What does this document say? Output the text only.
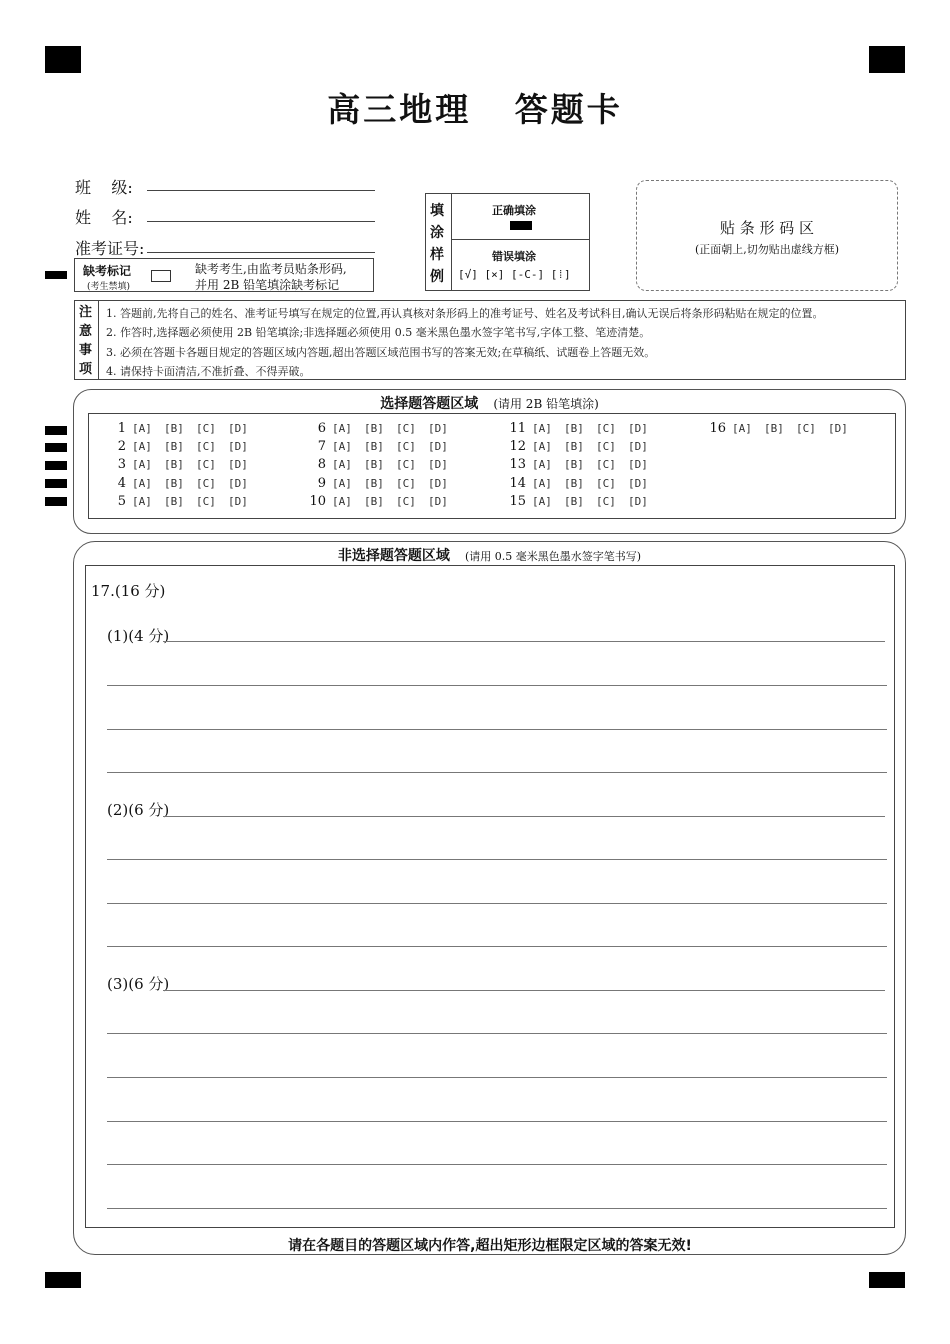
高三地理   答题卡
班    级:
姓    名:
准考证号:
缺考标记
(考生禁填)
缺考考生,由监考员贴条形码,
并用 2B 铅笔填涂缺考标记
填
涂
样
例
正确填涂
错误填涂
[√] [×] [-C-] [⁞]
贴 条 形 码 区
(正面朝上,切勿贴出虚线方框)
注
意
事
项
1. 答题前,先将自己的姓名、准考证号填写在规定的位置,再认真核对条形码上的准考证号、姓名及考试科目,确认无误后将条形码粘贴在规定的位置。
2. 作答时,选择题必须使用 2B 铅笔填涂;非选择题必须使用 0.5 毫米黑色墨水签字笔书写,字体工整、笔迹清楚。
3. 必须在答题卡各题目规定的答题区域内答题,超出答题区域范围书写的答案无效;在草稿纸、试题卷上答题无效。
4. 请保持卡面清洁,不准折叠、不得弄破。
选择题答题区域 (请用 2B 铅笔填涂)
1 [A] [B] [C] [D]
2 [A] [B] [C] [D]
3 [A] [B] [C] [D]
4 [A] [B] [C] [D]
5 [A] [B] [C] [D]
6 [A] [B] [C] [D]
7 [A] [B] [C] [D]
8 [A] [B] [C] [D]
9 [A] [B] [C] [D]
10 [A] [B] [C] [D]
11 [A] [B] [C] [D]
12 [A] [B] [C] [D]
13 [A] [B] [C] [D]
14 [A] [B] [C] [D]
15 [A] [B] [C] [D]
16 [A] [B] [C] [D]
非选择题答题区域 (请用 0.5 毫米黑色墨水签字笔书写)
17.(16 分)
(1)(4 分)
(2)(6 分)
(3)(6 分)
请在各题目的答题区域内作答,超出矩形边框限定区域的答案无效!
